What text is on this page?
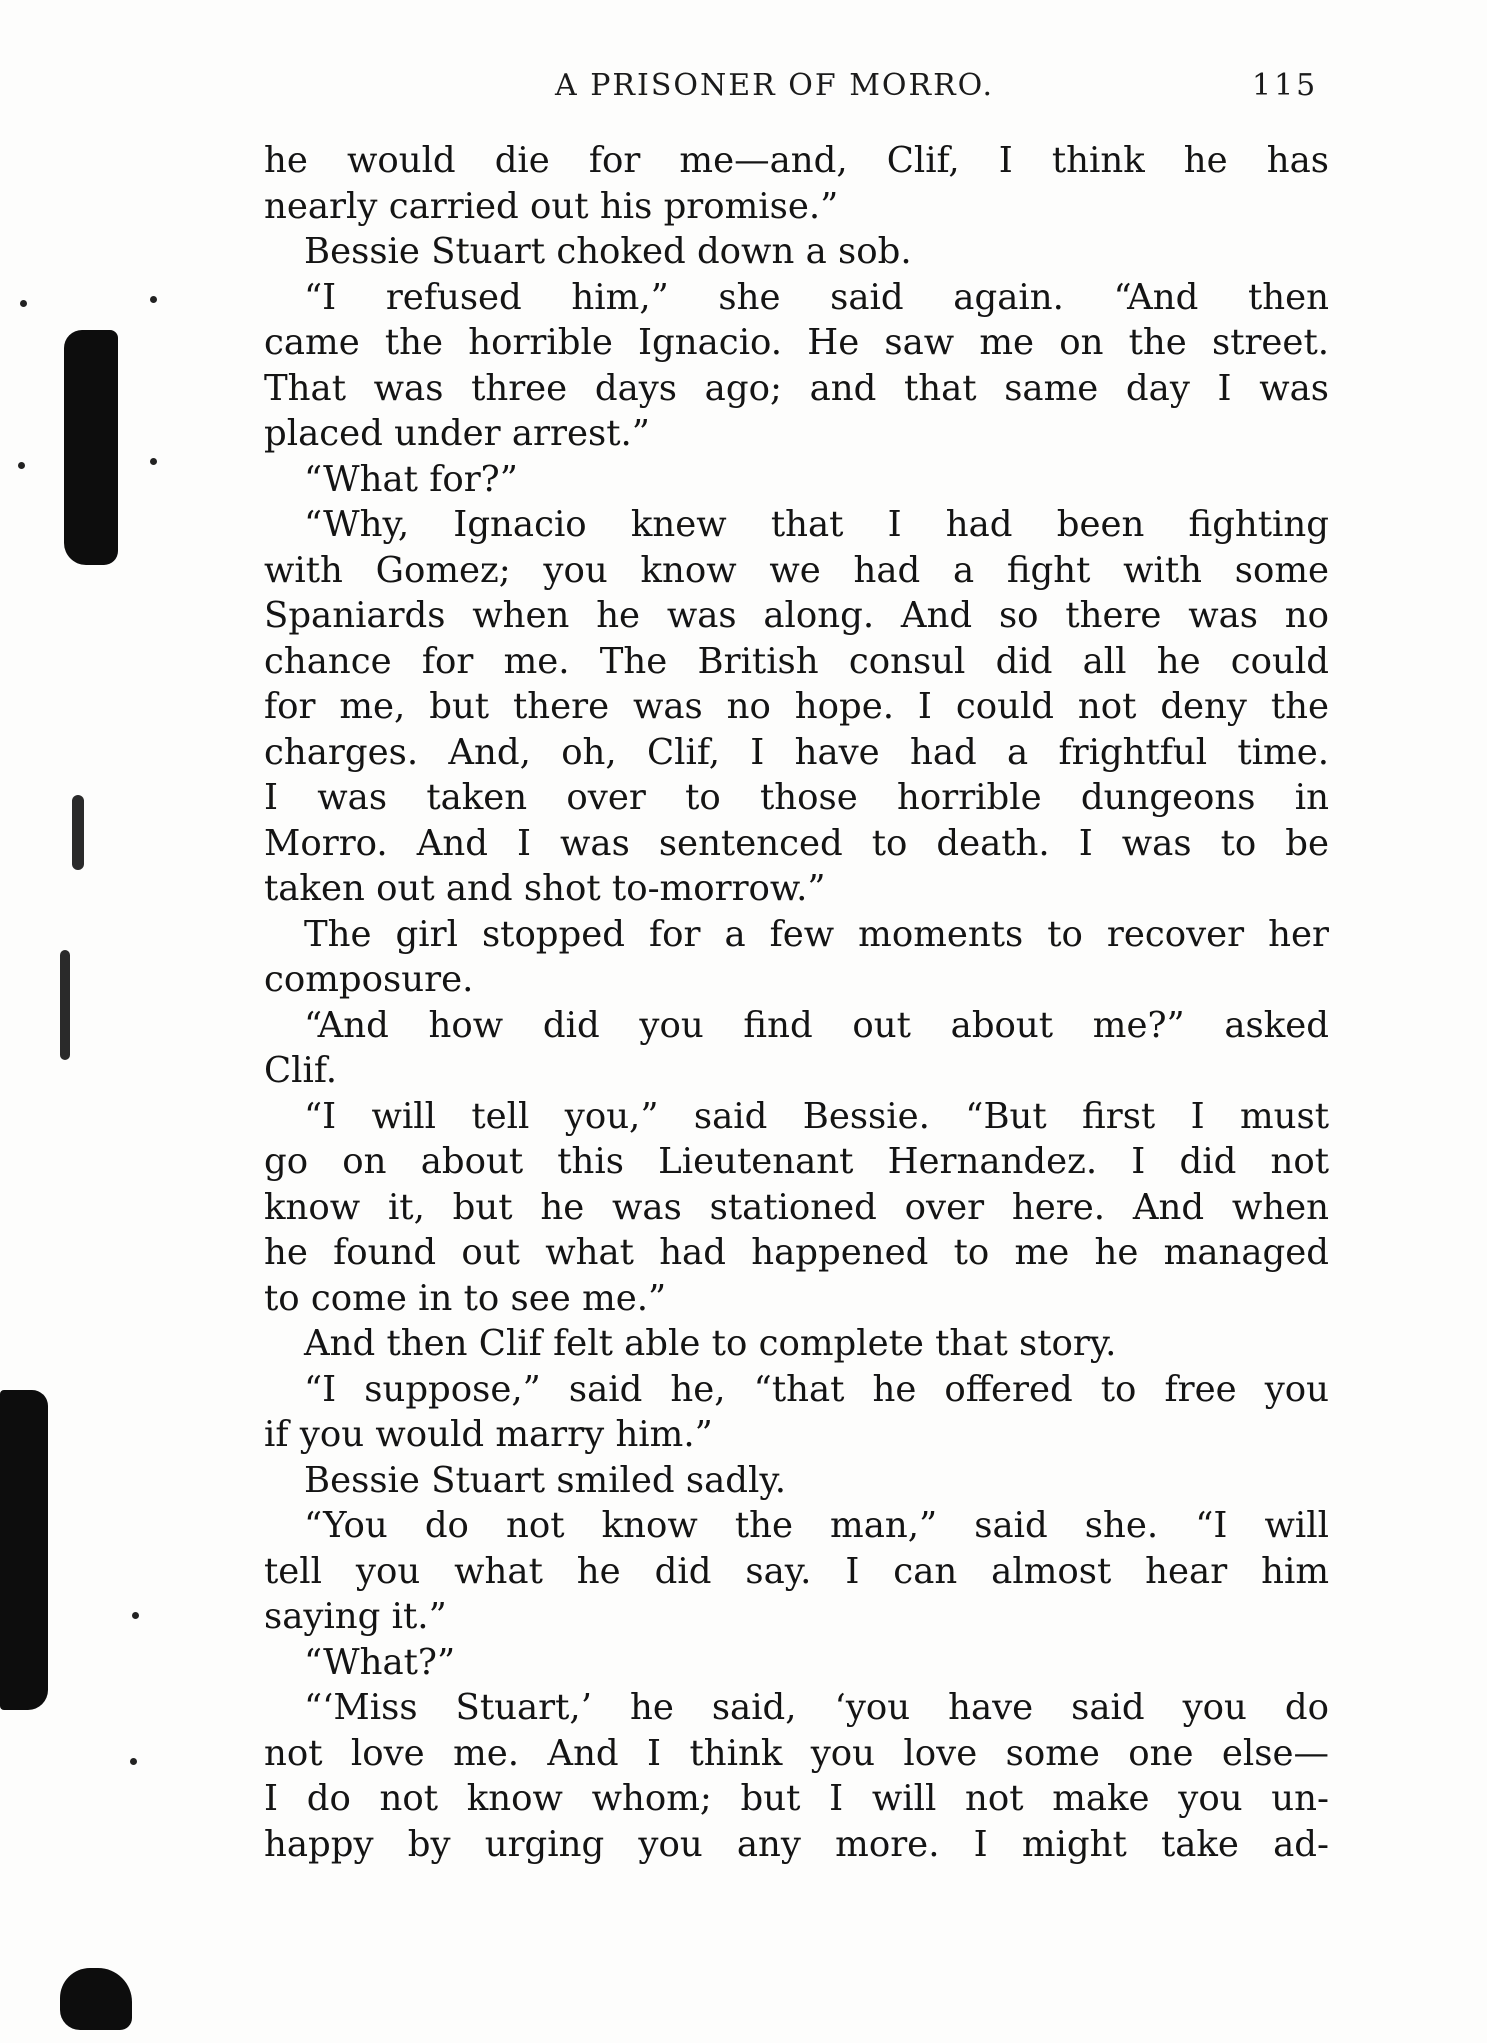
A PRISONER OF MORRO.	115
he would die for me—and, Clif, I think he has
nearly carried out his promise.”
Bessie Stuart choked down a sob.
“I refused him,” she said again. “And then
came the horrible Ignacio. He saw me on the street.
That was three days ago; and that same day I was
placed under arrest.”
“What for?”
“Why, Ignacio knew that I had been fighting
with Gomez; you know we had a fight with some
Spaniards when he was along. And so there was no
chance for me. The British consul did all he could
for me, but there was no hope. I could not deny the
charges. And, oh, Clif, I have had a frightful time.
I was taken over to those horrible dungeons in
Morro. And I was sentenced to death. I was to be
taken out and shot to-morrow.”
The girl stopped for a few moments to recover her
composure.
“And how did you find out about me?” asked
Clif.
“I will tell you,” said Bessie. “But first I must
go on about this Lieutenant Hernandez. I did not
know it, but he was stationed over here. And when
he found out what had happened to me he managed
to come in to see me.”
And then Clif felt able to complete that story.
“I suppose,” said he, “that he offered to free you
if you would marry him.”
Bessie Stuart smiled sadly.
“You do not know the man,” said she. “I will
tell you what he did say. I can almost hear him
saying it.”
“What?”
“‘Miss Stuart,’ he said, ‘you have said you do
not love me. And I think you love some one else—
I do not know whom; but I will not make you un-
happy by urging you any more. I might take ad-
